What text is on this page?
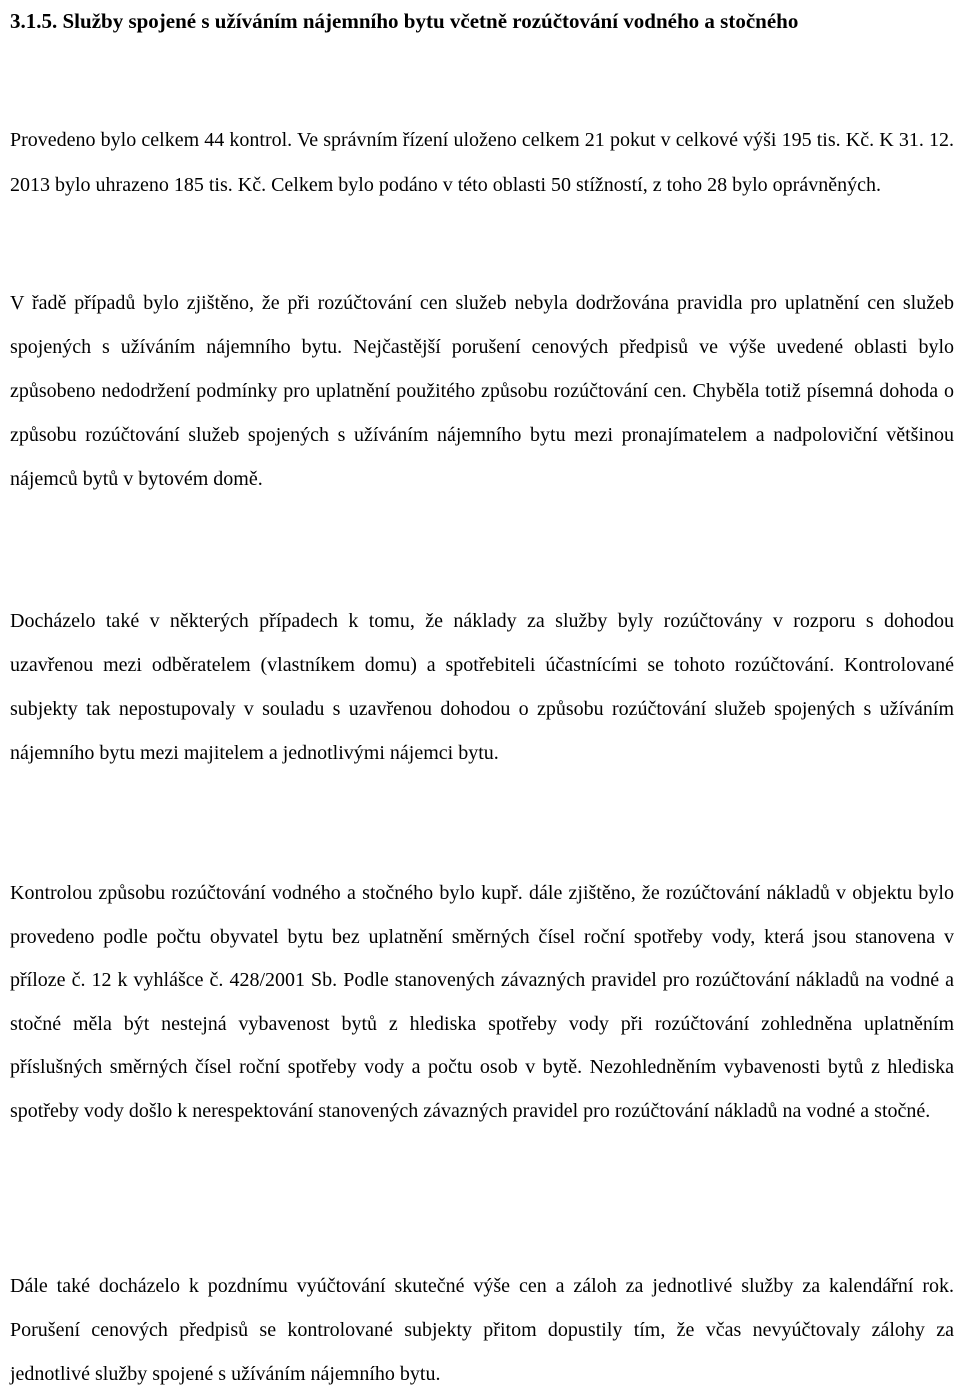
3.1.5. Služby spojené s užíváním nájemního bytu včetně rozúčtování vodného a stočného

Provedeno bylo celkem 44 kontrol. Ve správním řízení uloženo celkem 21 pokut v celkové výši 195 tis. Kč. K 31. 12. 2013 bylo uhrazeno 185 tis. Kč. Celkem bylo podáno v této oblasti 50 stížností, z toho 28 bylo oprávněných.

V řadě případů bylo zjištěno, že při rozúčtování cen služeb nebyla dodržována pravidla pro uplatnění cen služeb spojených s užíváním nájemního bytu. Nejčastější porušení cenových předpisů ve výše uvedené oblasti bylo způsobeno nedodržení podmínky pro uplatnění použitého způsobu rozúčtování cen. Chyběla totiž písemná dohoda o způsobu rozúčtování služeb spojených s užíváním nájemního bytu mezi pronajímatelem a nadpoloviční většinou nájemců bytů v bytovém domě.

Docházelo také v některých případech k tomu, že náklady za služby byly rozúčtovány v rozporu s dohodou uzavřenou mezi odběratelem (vlastníkem domu) a spotřebiteli účastnícími se tohoto rozúčtování. Kontrolované subjekty tak nepostupovaly v souladu s uzavřenou dohodou o způsobu rozúčtování služeb spojených s užíváním nájemního bytu mezi majitelem a jednotlivými nájemci bytu.

Kontrolou způsobu rozúčtování vodného a stočného bylo kupř. dále zjištěno, že rozúčtování nákladů v objektu bylo provedeno podle počtu obyvatel bytu bez uplatnění směrných čísel roční spotřeby vody, která jsou stanovena v příloze č. 12 k vyhlášce č. 428/2001 Sb. Podle stanovených závazných pravidel pro rozúčtování nákladů na vodné a stočné měla být nestejná vybavenost bytů z hlediska spotřeby vody při rozúčtování zohledněna uplatněním příslušných směrných čísel roční spotřeby vody a počtu osob v bytě. Nezohledněním vybavenosti bytů z hlediska spotřeby vody došlo k nerespektování stanovených závazných pravidel pro rozúčtování nákladů na vodné a stočné.

Dále také docházelo k pozdnímu vyúčtování skutečné výše cen a záloh za jednotlivé služby za kalendářní rok. Porušení cenových předpisů se kontrolované subjekty přitom dopustily tím, že včas nevyúčtovaly zálohy za jednotlivé služby spojené s užíváním nájemního bytu.
